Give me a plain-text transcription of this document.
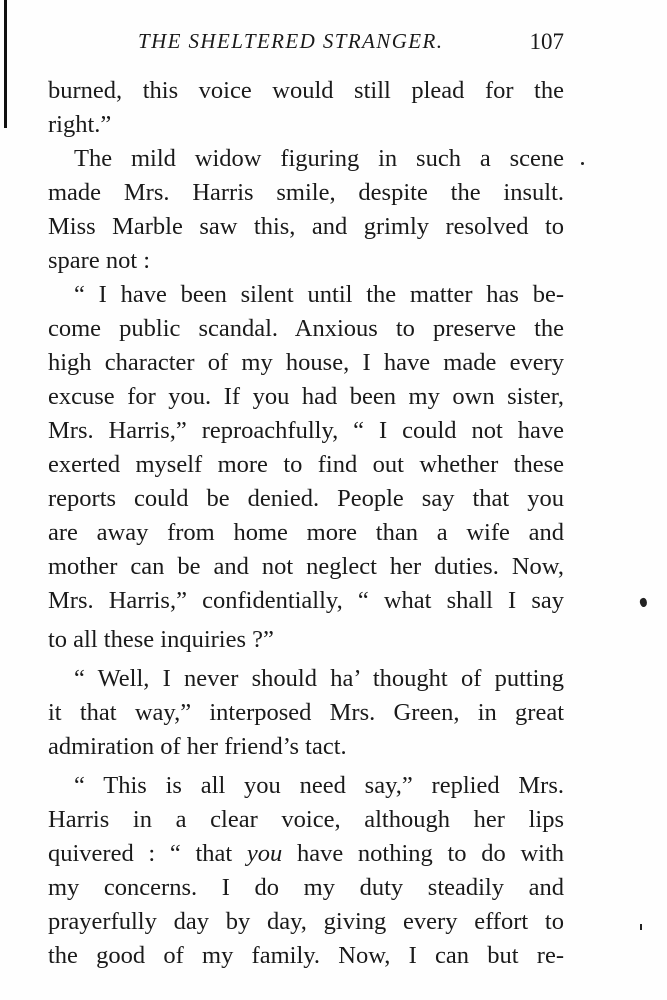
THE SHELTERED STRANGER.	107
burned, this voice would still plead for the
right.”
The mild widow figuring in such a scene
made Mrs. Harris smile, despite the insult.
Miss Marble saw this, and grimly resolved to
spare not :
“ I have been silent until the matter has be-
come public scandal. Anxious to preserve the
high character of my house, I have made every
excuse for you. If you had been my own sister,
Mrs. Harris,” reproachfully, “ I could not have
exerted myself more to find out whether these
reports could be denied. People say that you
are away from home more than a wife and
mother can be and not neglect her duties. Now,
Mrs. Harris,” confidentially, “ what shall I say
to all these inquiries ?”
“ Well, I never should ha’ thought of putting
it that way,” interposed Mrs. Green, in great
admiration of her friend’s tact.
“ This is all you need say,” replied Mrs.
Harris in a clear voice, although her lips
quivered : “ that you have nothing to do with
my concerns. I do my duty steadily and
prayerfully day by day, giving every effort to
the good of my family. Now, I can but re-
